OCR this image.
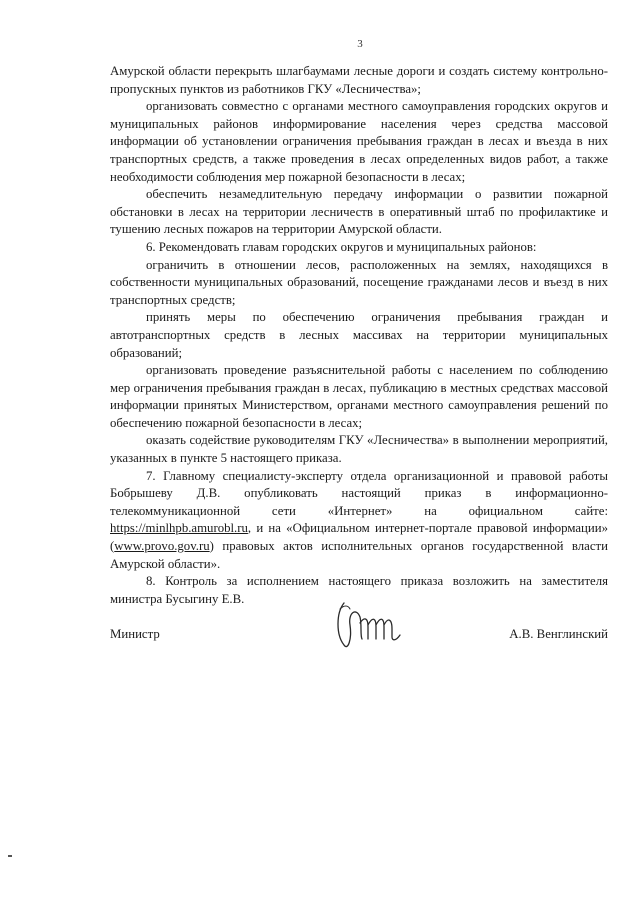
3

Амурской области перекрыть шлагбаумами лесные дороги и создать систему контрольно-пропускных пунктов из работников ГКУ «Лесничества»;

организовать совместно с органами местного самоуправления городских округов и муниципальных районов информирование населения через средства массовой информации об установлении ограничения пребывания граждан в лесах и въезда в них транспортных средств, а также проведения в лесах определенных видов работ, а также необходимости соблюдения мер пожарной безопасности в лесах;

обеспечить незамедлительную передачу информации о развитии пожарной обстановки в лесах на территории лесничеств в оперативный штаб по профилактике и тушению лесных пожаров на территории Амурской области.

6. Рекомендовать главам городских округов и муниципальных районов:

ограничить в отношении лесов, расположенных на землях, находящихся в собственности муниципальных образований, посещение гражданами лесов и въезд в них транспортных средств;

принять меры по обеспечению ограничения пребывания граждан и автотранспортных средств в лесных массивах на территории муниципальных образований;

организовать проведение разъяснительной работы с населением по соблюдению мер ограничения пребывания граждан в лесах, публикацию в местных средствах массовой информации принятых Министерством, органами местного самоуправления решений по обеспечению пожарной безопасности в лесах;

оказать содействие руководителям ГКУ «Лесничества» в выполнении мероприятий, указанных в пункте 5 настоящего приказа.

7. Главному специалисту-эксперту отдела организационной и правовой работы Бобрышеву Д.В. опубликовать настоящий приказ в информационно-телекоммуникационной сети «Интернет» на официальном сайте: https://minlhpb.amurobl.ru, и на «Официальном интернет-портале правовой информации» (www.provo.gov.ru) правовых актов исполнительных органов государственной власти Амурской области».

8. Контроль за исполнением настоящего приказа возложить на заместителя министра Бусыгину Е.В.

Министр	А.В. Венглинский
